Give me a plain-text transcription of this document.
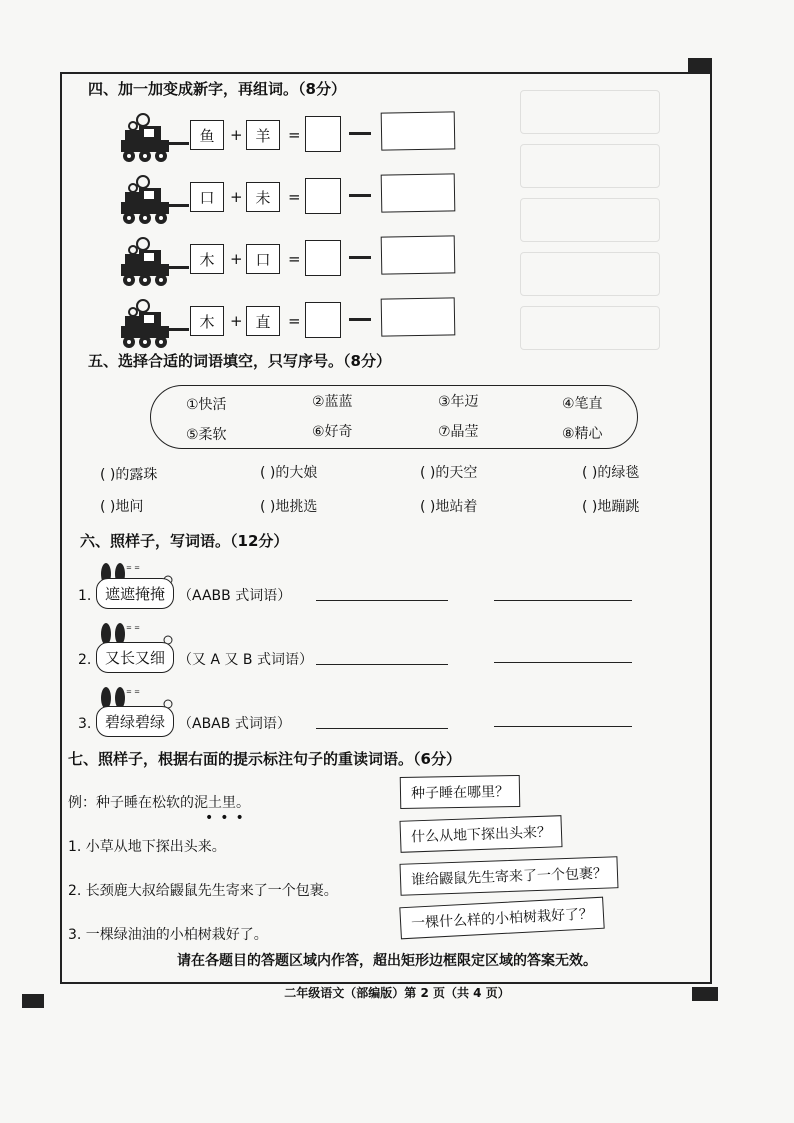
四、加一加变成新字，再组词。（8分）
鱼	+ 羊	=
口	+ 未	=
木	+ 口	=
木	+ 直	=
五、选择合适的词语填空，只写序号。（8分）
①快活	②蓝蓝	③年迈	④笔直
⑤柔软	⑥好奇	⑦晶莹	⑧精心
( )的露珠	( )的大娘	( )的天空	( )的绿毯
( )地问	( )地挑选	( )地站着	( )地蹦跳
六、照样子，写词语。（12分）
= =
1. 遮遮掩掩 （AABB 式词语）
= =
2. 又长又细 （又 A 又 B 式词语）
= =
3. 碧绿碧绿 （ABAB 式词语）
七、照样子，根据右面的提示标注句子的重读词语。（6分）
例：种子睡在松软的泥土里。
•••
1. 小草从地下探出头来。
2. 长颈鹿大叔给鼹鼠先生寄来了一个包裹。
3. 一棵绿油油的小柏树栽好了。
种子睡在哪里？
什么从地下探出头来？
谁给鼹鼠先生寄来了一个包裹？
一棵什么样的小柏树栽好了？
请在各题目的答题区域内作答，超出矩形边框限定区域的答案无效。
二年级语文（部编版）第 2 页（共 4 页）
